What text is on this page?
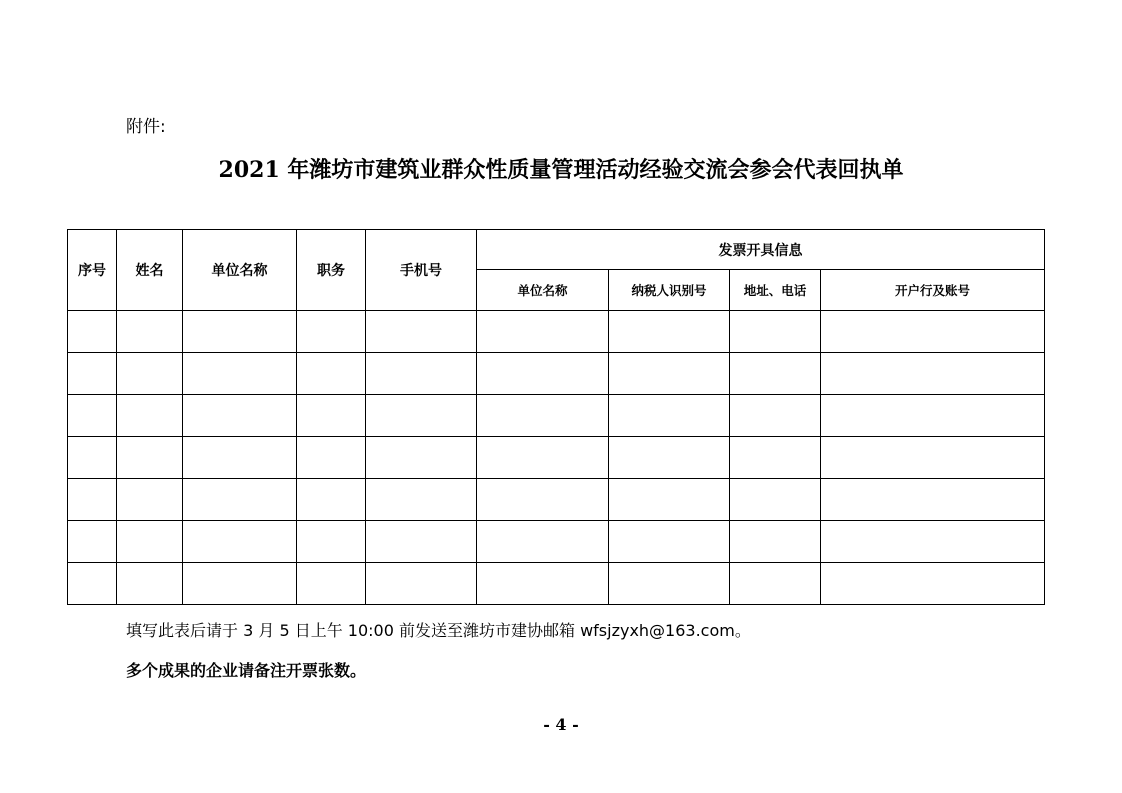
附件:
2021 年潍坊市建筑业群众性质量管理活动经验交流会参会代表回执单
序号	姓名	单位名称	职务	手机号	发票开具信息			
					单位名称	纳税人识别号	地址、电话	开户行及账号

填写此表后请于 3 月 5 日上午 10:00 前发送至潍坊市建协邮箱 wfsjzyxh@163.com。
多个成果的企业请备注开票张数。
- 4 -
